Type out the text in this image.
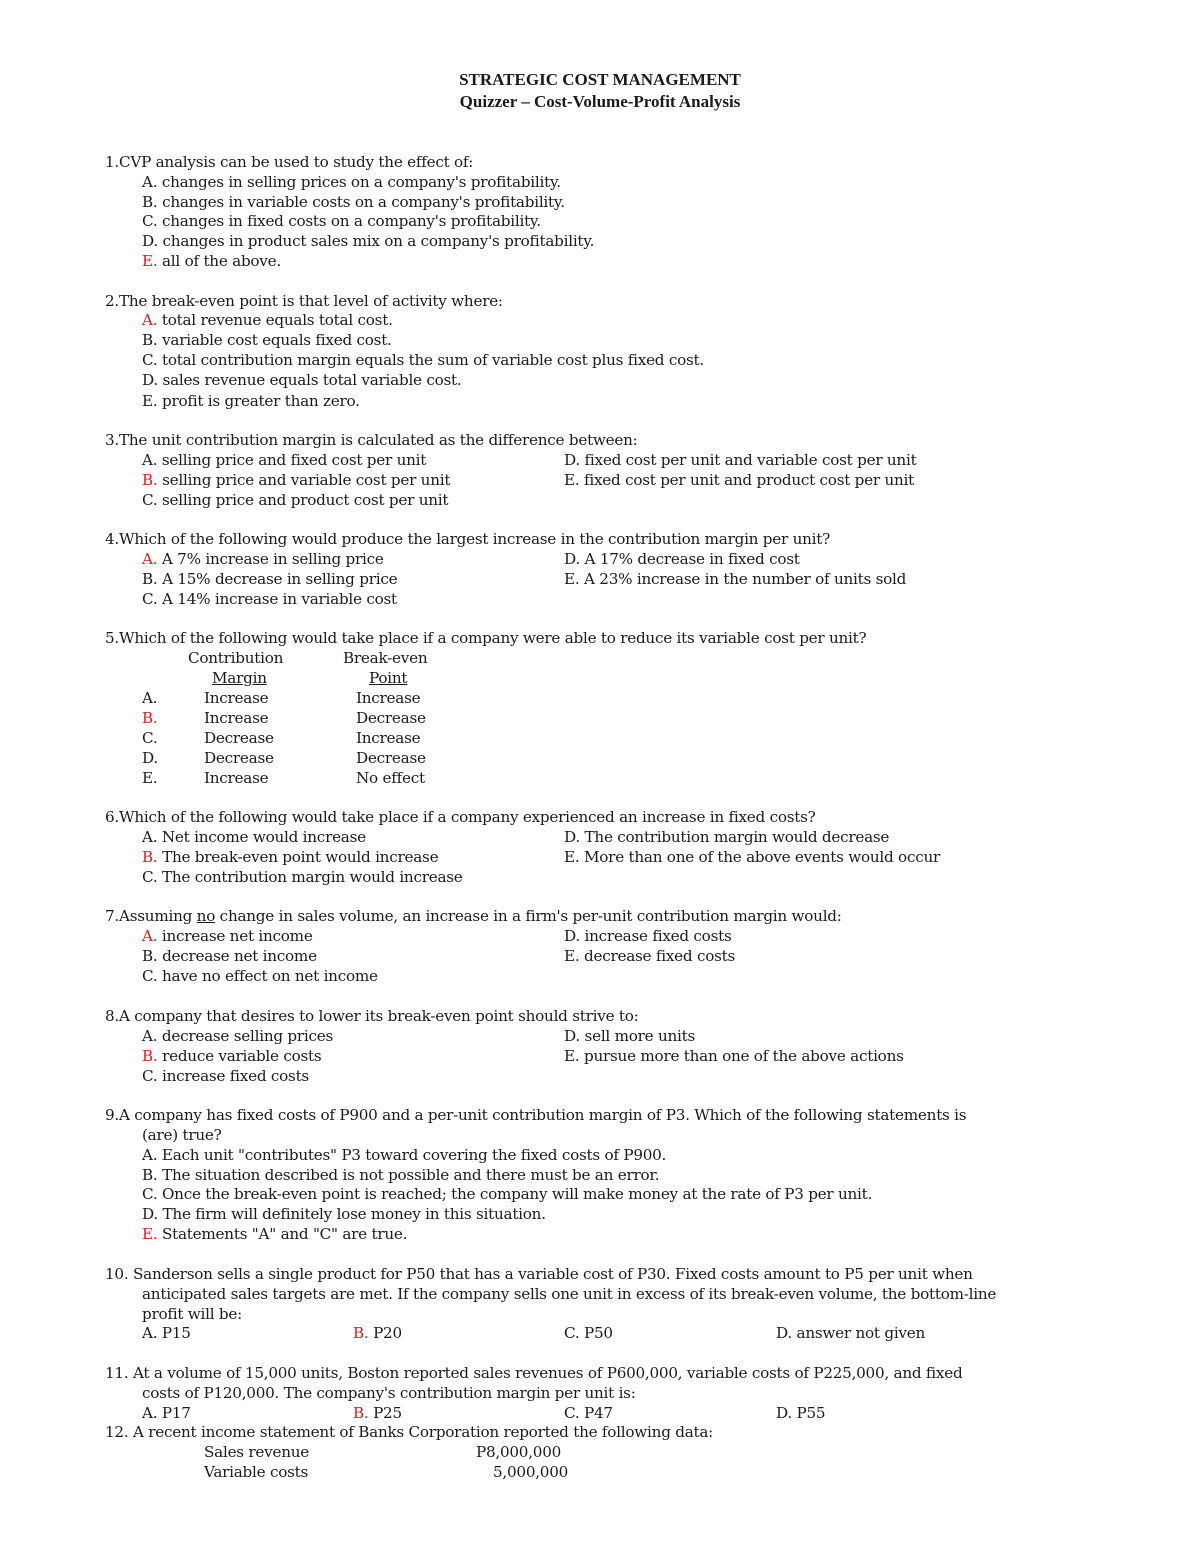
STRATEGIC COST MANAGEMENT
Quizzer – Cost-Volume-Profit Analysis
1.CVP analysis can be used to study the effect of:
A. changes in selling prices on a company's profitability.
B. changes in variable costs on a company's profitability.
C. changes in fixed costs on a company's profitability.
D. changes in product sales mix on a company's profitability.
E. all of the above.
2.The break-even point is that level of activity where:
A. total revenue equals total cost.
B. variable cost equals fixed cost.
C. total contribution margin equals the sum of variable cost plus fixed cost.
D. sales revenue equals total variable cost.
E. profit is greater than zero.
3.The unit contribution margin is calculated as the difference between:
A. selling price and fixed cost per unit	D. fixed cost per unit and variable cost per unit
B. selling price and variable cost per unit	E. fixed cost per unit and product cost per unit
C. selling price and product cost per unit
4.Which of the following would produce the largest increase in the contribution margin per unit?
A. A 7% increase in selling price	D. A 17% decrease in fixed cost
B. A 15% decrease in selling price	E. A 23% increase in the number of units sold
C. A 14% increase in variable cost
5.Which of the following would take place if a company were able to reduce its variable cost per unit?
Contribution	Break-even
Margin	Point
A.	Increase	Increase
B.	Increase	Decrease
C.	Decrease	Increase
D.	Decrease	Decrease
E.	Increase	No effect
6.Which of the following would take place if a company experienced an increase in fixed costs?
A. Net income would increase	D. The contribution margin would decrease
B. The break-even point would increase	E. More than one of the above events would occur
C. The contribution margin would increase
7.Assuming no change in sales volume, an increase in a firm's per-unit contribution margin would:
A. increase net income	D. increase fixed costs
B. decrease net income	E. decrease fixed costs
C. have no effect on net income
8.A company that desires to lower its break-even point should strive to:
A. decrease selling prices	D. sell more units
B. reduce variable costs	E. pursue more than one of the above actions
C. increase fixed costs
9.A company has fixed costs of P900 and a per-unit contribution margin of P3. Which of the following statements is
(are) true?
A. Each unit "contributes" P3 toward covering the fixed costs of P900.
B. The situation described is not possible and there must be an error.
C. Once the break-even point is reached; the company will make money at the rate of P3 per unit.
D. The firm will definitely lose money in this situation.
E. Statements "A" and "C" are true.
10. Sanderson sells a single product for P50 that has a variable cost of P30. Fixed costs amount to P5 per unit when
anticipated sales targets are met. If the company sells one unit in excess of its break-even volume, the bottom-line
profit will be:
A. P15	B. P20	C. P50	D. answer not given
11. At a volume of 15,000 units, Boston reported sales revenues of P600,000, variable costs of P225,000, and fixed
costs of P120,000. The company's contribution margin per unit is:
A. P17	B. P25	C. P47	D. P55
12. A recent income statement of Banks Corporation reported the following data:
Sales revenue	P8,000,000
Variable costs	5,000,000
